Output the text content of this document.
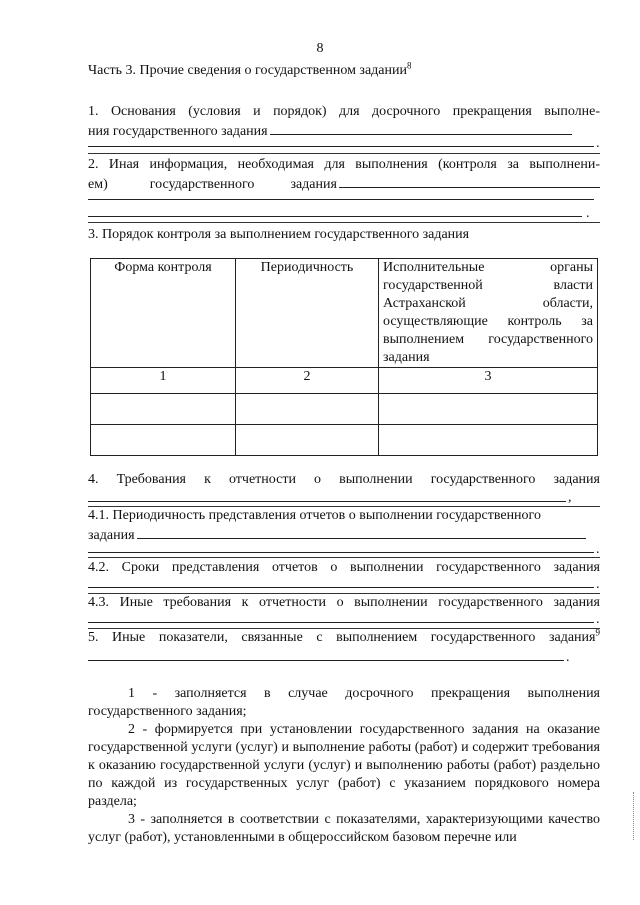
8
Часть 3. Прочие сведения о государственном задании$^8$
1. Основания (условия и порядок) для досрочного прекращения выполне-
ния государственного задания
.
2. Иная информация, необходимая для выполнения (контроля за выполнени-
ем)	государственного	задания
.
3. Порядок контроля за выполнением государственного задания
Форма контроля	Периодичность	Исполнительные органы государственной власти Астраханской области, осуществляющие контроль за выполнением государственного задания
1	2	3

4. Требования к отчетности о выполнении государственного задания
,
4.1. Периодичность представления отчетов о выполнении государственного
задания
.
4.2. Сроки представления отчетов о выполнении государственного задания
.
4.3. Иные требования к отчетности о выполнении государственного задания
.
5. Иные показатели, связанные с выполнением государственного задания$^9$
.
1 - заполняется в случае досрочного прекращения выполнения государственного задания;
2 - формируется при установлении государственного задания на оказание государственной услуги (услуг) и выполнение работы (работ) и содержит требования к оказанию государственной услуги (услуг) и выполнению работы (работ) раздельно по каждой из государственных услуг (работ) с указанием порядкового номера раздела;
3 - заполняется в соответствии с показателями, характеризующими качество услуг (работ), установленными в общероссийском базовом перечне или
